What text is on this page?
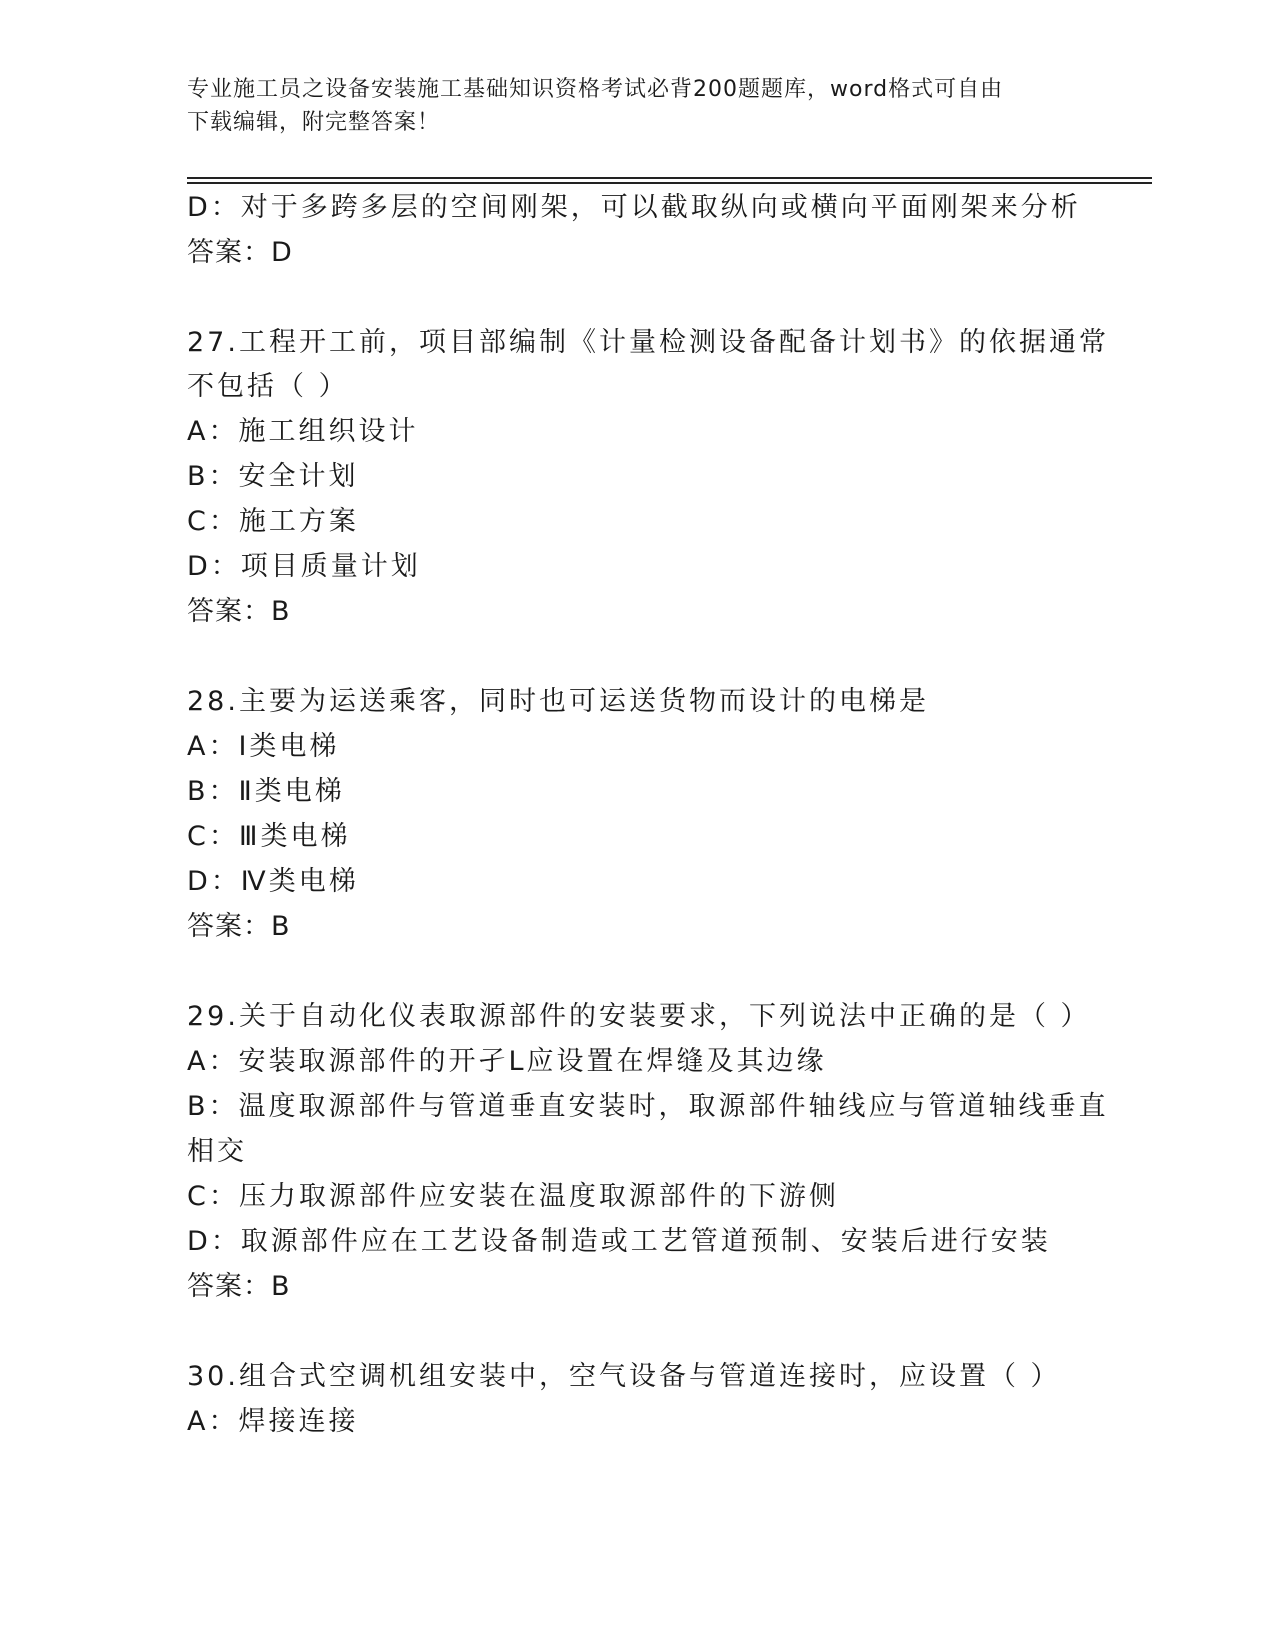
专业施工员之设备安装施工基础知识资格考试必背200题题库，word格式可自由
下载编辑，附完整答案！
D：对于多跨多层的空间刚架，可以截取纵向或横向平面刚架来分析
答案：D
27.工程开工前，项目部编制《计量检测设备配备计划书》的依据通常
不包括（ ）
A：施工组织设计
B：安全计划
C：施工方案
D：项目质量计划
答案：B
28.主要为运送乘客，同时也可运送货物而设计的电梯是
A：I类电梯
B：Ⅱ类电梯
C：Ⅲ类电梯
D：Ⅳ类电梯
答案：B
29.关于自动化仪表取源部件的安装要求，下列说法中正确的是（ ）
A：安装取源部件的开孑L应设置在焊缝及其边缘
B：温度取源部件与管道垂直安装时，取源部件轴线应与管道轴线垂直
相交
C：压力取源部件应安装在温度取源部件的下游侧
D：取源部件应在工艺设备制造或工艺管道预制、安装后进行安装
答案：B
30.组合式空调机组安装中，空气设备与管道连接时，应设置（ ）
A：焊接连接
